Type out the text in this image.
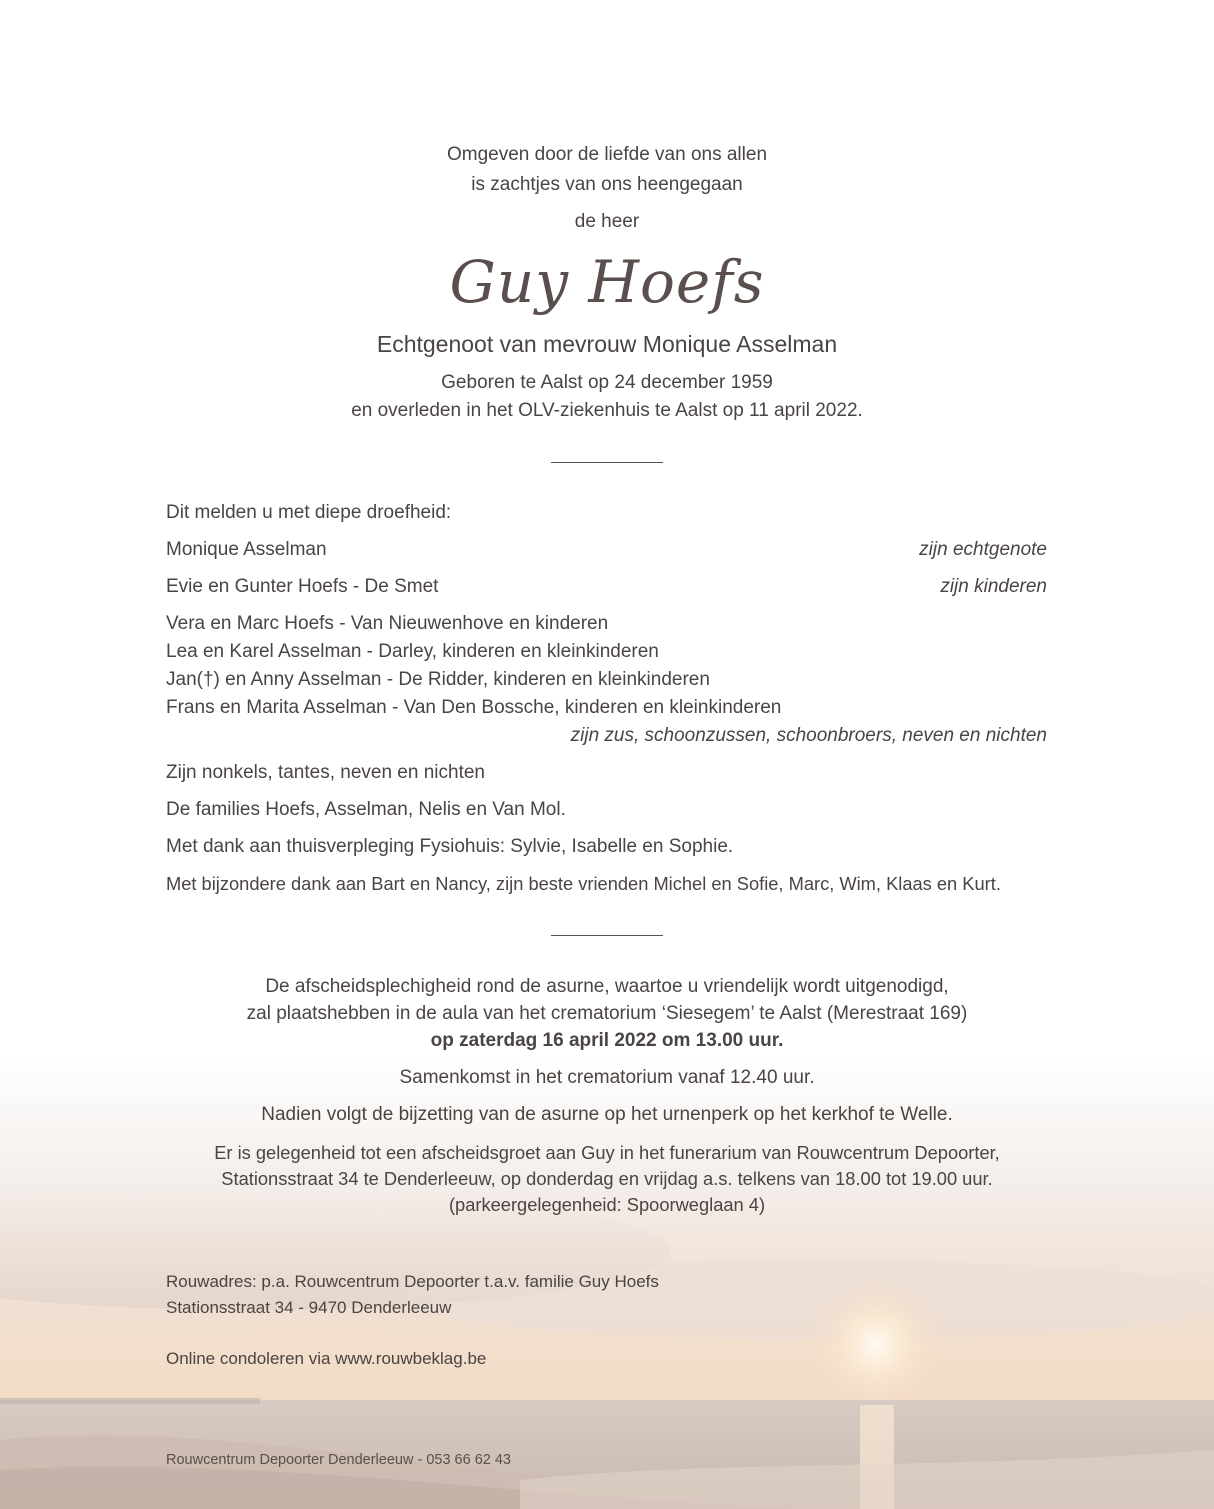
Omgeven door de liefde van ons allen
is zachtjes van ons heengegaan
de heer
Guy Hoefs
Echtgenoot van mevrouw Monique Asselman
Geboren te Aalst op 24 december 1959
en overleden in het OLV-ziekenhuis te Aalst op 11 april 2022.
Dit melden u met diepe droefheid:
Monique Asselman	zijn echtgenote
Evie en Gunter Hoefs - De Smet	zijn kinderen
Vera en Marc Hoefs - Van Nieuwenhove en kinderen
Lea en Karel Asselman - Darley, kinderen en kleinkinderen
Jan(†) en Anny Asselman - De Ridder, kinderen en kleinkinderen
Frans en Marita Asselman - Van Den Bossche, kinderen en kleinkinderen
zijn zus, schoonzussen, schoonbroers, neven en nichten
Zijn nonkels, tantes, neven en nichten
De families Hoefs, Asselman, Nelis en Van Mol.
Met dank aan thuisverpleging Fysiohuis: Sylvie, Isabelle en Sophie.
Met bijzondere dank aan Bart en Nancy, zijn beste vrienden Michel en Sofie, Marc, Wim, Klaas en Kurt.
De afscheidsplechigheid rond de asurne, waartoe u vriendelijk wordt uitgenodigd,
zal plaatshebben in de aula van het crematorium ‘Siesegem’ te Aalst (Merestraat 169)
op zaterdag 16 april 2022 om 13.00 uur.
Samenkomst in het crematorium vanaf 12.40 uur.
Nadien volgt de bijzetting van de asurne op het urnenperk op het kerkhof te Welle.
Er is gelegenheid tot een afscheidsgroet aan Guy in het funerarium van Rouwcentrum Depoorter,
Stationsstraat 34 te Denderleeuw, op donderdag en vrijdag a.s. telkens van 18.00 tot 19.00 uur.
(parkeergelegenheid: Spoorweglaan 4)
Rouwadres: p.a. Rouwcentrum Depoorter t.a.v. familie Guy Hoefs
Stationsstraat 34 - 9470 Denderleeuw
Online condoleren via www.rouwbeklag.be
Rouwcentrum Depoorter Denderleeuw - 053 66 62 43
